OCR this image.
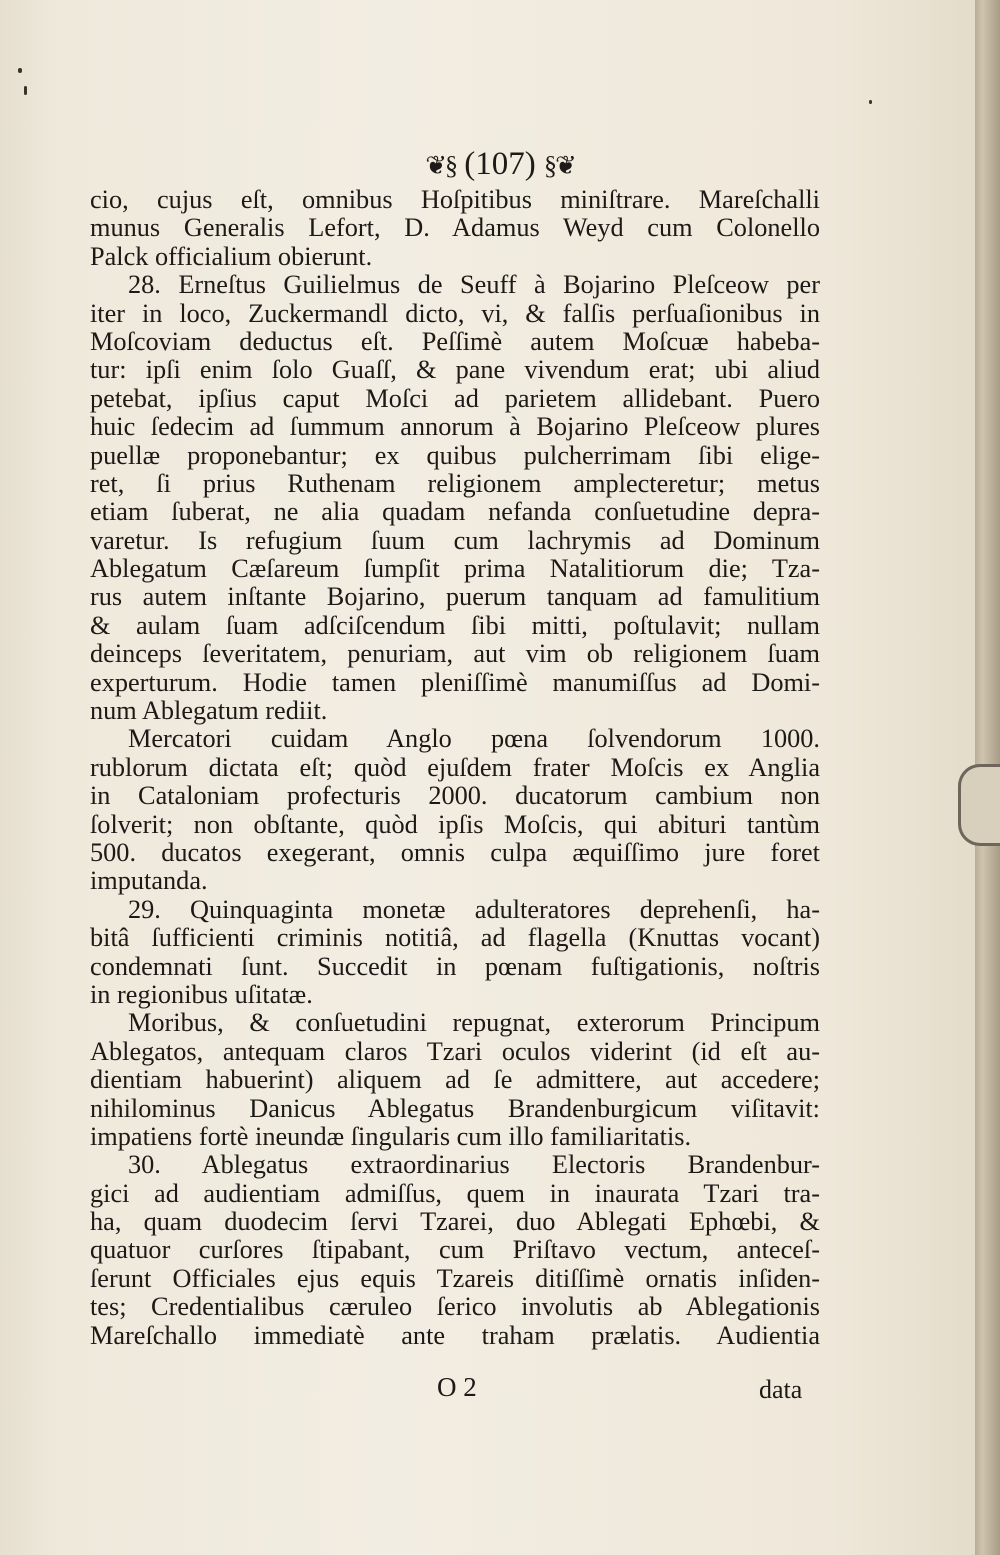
❦§ (107) §❦
cio, cujus eſt, omnibus Hoſpitibus miniſtrare. Mareſchalli
munus Generalis Lefort, D. Adamus Weyd cum Colonello
Palck officialium obierunt.
28. Erneſtus Guilielmus de Seuff à Bojarino Pleſceow per
iter in loco, Zuckermandl dicto, vi, & falſis perſuaſionibus in
Moſcoviam deductus eſt. Peſſimè autem Moſcuæ habeba-
tur: ipſi enim ſolo Guaſſ, & pane vivendum erat; ubi aliud
petebat, ipſius caput Moſci ad parietem allidebant. Puero
huic ſedecim ad ſummum annorum à Bojarino Pleſceow plures
puellæ proponebantur; ex quibus pulcherrimam ſibi elige-
ret, ſi prius Ruthenam religionem amplecteretur; metus
etiam ſuberat, ne alia quadam nefanda conſuetudine depra-
varetur. Is refugium ſuum cum lachrymis ad Dominum
Ablegatum Cæſareum ſumpſit prima Natalitiorum die; Tza-
rus autem inſtante Bojarino, puerum tanquam ad famulitium
& aulam ſuam adſciſcendum ſibi mitti, poſtulavit; nullam
deinceps ſeveritatem, penuriam, aut vim ob religionem ſuam
experturum. Hodie tamen pleniſſimè manumiſſus ad Domi-
num Ablegatum rediit.
Mercatori cuidam Anglo pœna ſolvendorum 1000.
rublorum dictata eſt; quòd ejuſdem frater Moſcis ex Anglia
in Cataloniam profecturis 2000. ducatorum cambium non
ſolverit; non obſtante, quòd ipſis Moſcis, qui abituri tantùm
500. ducatos exegerant, omnis culpa æquiſſimo jure foret
imputanda.
29. Quinquaginta monetæ adulteratores deprehenſi, ha-
bitâ ſufficienti criminis notitiâ, ad flagella (Knuttas vocant)
condemnati ſunt. Succedit in pœnam fuſtigationis, noſtris
in regionibus uſitatæ.
Moribus, & conſuetudini repugnat, exterorum Principum
Ablegatos, antequam claros Tzari oculos viderint (id eſt au-
dientiam habuerint) aliquem ad ſe admittere, aut accedere;
nihilominus Danicus Ablegatus Brandenburgicum viſitavit:
impatiens fortè ineundæ ſingularis cum illo familiaritatis.
30. Ablegatus extraordinarius Electoris Brandenbur-
gici ad audientiam admiſſus, quem in inaurata Tzari tra-
ha, quam duodecim ſervi Tzarei, duo Ablegati Ephœbi, &
quatuor curſores ſtipabant, cum Priſtavo vectum, anteceſ-
ſerunt Officiales ejus equis Tzareis ditiſſimè ornatis inſiden-
tes; Credentialibus cæruleo ſerico involutis ab Ablegationis
Mareſchallo immediatè ante traham prælatis. Audientia
O 2	data
